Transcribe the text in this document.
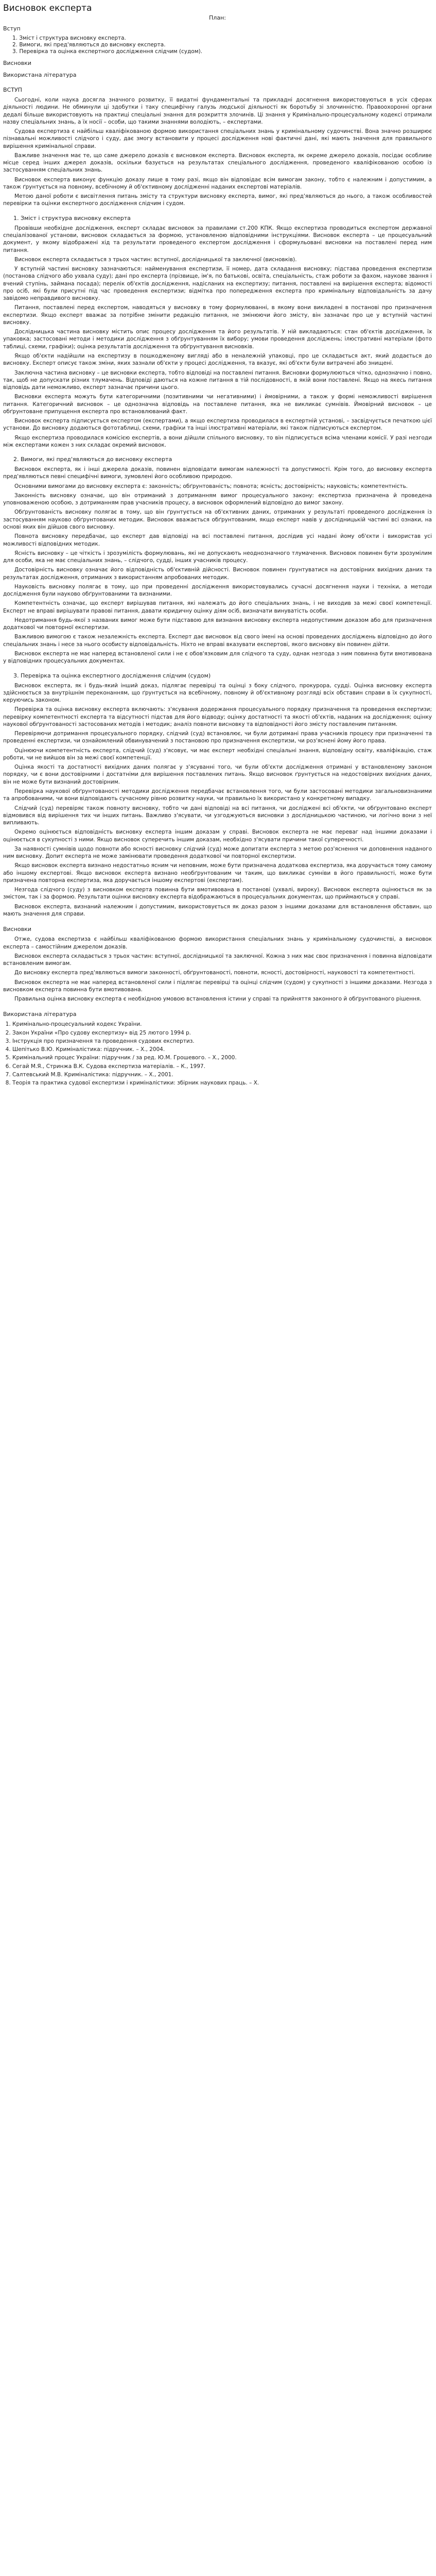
Висновок експерта
План:
Вступ
1. Зміст і структура висновку експерта.
2. Вимоги, які пред'являються до висновку експерта.
3. Перевірка та оцінка експертного дослідження слідчим (судом).
Висновки
Використана література
ВСТУП

Сьогодні, коли наука досягла значного розвитку, її видатні фундаментальні та прикладні досягнення використовуються в усіх сферах діяльності людини. Не обминули ці здобутки і таку специфічну галузь людської діяльності як боротьбу зі злочинністю. Правоохоронні органи дедалі більше використовують на практиці спеціальні знання для розкриття злочинів. Ці знання у Кримінально-процесуальному кодексі отримали назву спеціальних знань, а їх носії – особи, що такими знаннями володіють, – експертами.

Судова експертиза є найбільш кваліфікованою формою використання спеціальних знань у кримінальному судочинстві. Вона значно розширює пізнавальні можливості слідчого і суду, дає змогу встановити у процесі дослідження нові фактичні дані, які мають значення для правильного вирішення кримінальної справи.

Важливе значення має те, що саме джерело доказів є висновком експерта. Висновок експерта, як окреме джерело доказів, посідає особливе місце серед інших джерел доказів, оскільки базується на результатах спеціального дослідження, проведеного кваліфікованою особою із застосуванням спеціальних знань.

Висновок експерта виконує функцію доказу лише в тому разі, якщо він відповідає всім вимогам закону, тобто є належним і допустимим, а також ґрунтується на повному, всебічному й об'єктивному дослідженні наданих експертові матеріалів.

Метою даної роботи є висвітлення питань змісту та структури висновку експерта, вимог, які пред'являються до нього, а також особливостей перевірки та оцінки експертного дослідження слідчим і судом.

1. Зміст і структура висновку експерта

Провівши необхідне дослідження, експерт складає висновок за правилами ст.200 КПК. Якщо експертиза проводиться експертом державної спеціалізованої установи, висновок складається за формою, установленою відповідними інструкціями. Висновок експерта – це процесуальний документ, у якому відображені хід та результати проведеного експертом дослідження і сформульовані висновки на поставлені перед ним питання.

Висновок експерта складається з трьох частин: вступної, дослідницької та заключної (висновків).

У вступній частині висновку зазначаються: найменування експертизи, її номер, дата складання висновку; підстава проведення експертизи (постанова слідчого або ухвала суду); дані про експерта (прізвище, ім'я, по батькові, освіта, спеціальність, стаж роботи за фахом, наукове звання і вчений ступінь, займана посада); перелік об'єктів дослідження, надісланих на експертизу; питання, поставлені на вирішення експерта; відомості про осіб, які були присутні під час проведення експертизи; відмітка про попередження експерта про кримінальну відповідальність за дачу завідомо неправдивого висновку.

Питання, поставлені перед експертом, наводяться у висновку в тому формулюванні, в якому вони викладені в постанові про призначення експертизи. Якщо експерт вважає за потрібне змінити редакцію питання, не змінюючи його змісту, він зазначає про це у вступній частині висновку.

Дослідницька частина висновку містить опис процесу дослідження та його результатів. У ній викладаються: стан об'єктів дослідження, їх упаковка; застосовані методи і методики дослідження з обґрунтуванням їх вибору; умови проведення досліджень; ілюстративні матеріали (фото таблиці, схеми, графіки); оцінка результатів дослідження та обґрунтування висновків.

Якщо об'єкти надійшли на експертизу в пошкодженому вигляді або в неналежній упаковці, про це складається акт, який додається до висновку. Експерт описує також зміни, яких зазнали об'єкти у процесі дослідження, та вказує, які об'єкти були витрачені або знищені.

Заключна частина висновку – це висновки експерта, тобто відповіді на поставлені питання. Висновки формулюються чітко, однозначно і повно, так, щоб не допускати різних тлумачень. Відповіді даються на кожне питання в тій послідовності, в якій вони поставлені. Якщо на якесь питання відповідь дати неможливо, експерт зазначає причини цього.

Висновки експерта можуть бути категоричними (позитивними чи негативними) і ймовірними, а також у формі неможливості вирішення питання. Категоричний висновок – це однозначна відповідь на поставлене питання, яка не викликає сумнівів. Ймовірний висновок – це обґрунтоване припущення експерта про встановлюваний факт.

Висновок експерта підписується експертом (експертами), а якщо експертиза проводилася в експертній установі, – засвідчується печаткою цієї установи. До висновку додаються фототаблиці, схеми, графіки та інші ілюстративні матеріали, які також підписуються експертом.

Якщо експертиза проводилася комісією експертів, а вони дійшли спільного висновку, то він підписується всіма членами комісії. У разі незгоди між експертами кожен з них складає окремий висновок.

2. Вимоги, які пред'являються до висновку експерта

Висновок експерта, як і інші джерела доказів, повинен відповідати вимогам належності та допустимості. Крім того, до висновку експерта пред'являються певні специфічні вимоги, зумовлені його особливою природою.

Основними вимогами до висновку експерта є: законність; обґрунтованість; повнота; ясність; достовірність; науковість; компетентність.

Законність висновку означає, що він отриманий з дотриманням вимог процесуального закону: експертиза призначена й проведена уповноваженою особою, з дотриманням прав учасників процесу, а висновок оформлений відповідно до вимог закону.

Обґрунтованість висновку полягає в тому, що він ґрунтується на об'єктивних даних, отриманих у результаті проведеного дослідження із застосуванням науково обґрунтованих методик. Висновок вважається обґрунтованим, якщо експерт навів у дослідницькій частині всі ознаки, на основі яких він дійшов свого висновку.

Повнота висновку передбачає, що експерт дав відповіді на всі поставлені питання, дослідив усі надані йому об'єкти і використав усі можливості відповідних методик.

Ясність висновку – це чіткість і зрозумілість формулювань, які не допускають неоднозначного тлумачення. Висновок повинен бути зрозумілим для особи, яка не має спеціальних знань, – слідчого, судді, інших учасників процесу.

Достовірність висновку означає його відповідність об'єктивній дійсності. Висновок повинен ґрунтуватися на достовірних вихідних даних та результатах дослідження, отриманих з використанням апробованих методик.

Науковість висновку полягає в тому, що при проведенні дослідження використовувались сучасні досягнення науки і техніки, а методи дослідження були науково обґрунтованими та визнаними.

Компетентність означає, що експерт вирішував питання, які належать до його спеціальних знань, і не виходив за межі своєї компетенції. Експерт не вправі вирішувати правові питання, давати юридичну оцінку діям осіб, визначати винуватість особи.

Недотримання будь-якої з названих вимог може бути підставою для визнання висновку експерта недопустимим доказом або для призначення додаткової чи повторної експертизи.

Важливою вимогою є також незалежність експерта. Експерт дає висновок від свого імені на основі проведених досліджень відповідно до його спеціальних знань і несе за нього особисту відповідальність. Ніхто не вправі вказувати експертові, якого висновку він повинен дійти.

Висновок експерта не має наперед встановленої сили і не є обов'язковим для слідчого та суду, однак незгода з ним повинна бути вмотивована у відповідних процесуальних документах.

3. Перевірка та оцінка експертного дослідження слідчим (судом)

Висновок експерта, як і будь-який інший доказ, підлягає перевірці та оцінці з боку слідчого, прокурора, судді. Оцінка висновку експерта здійснюється за внутрішнім переконанням, що ґрунтується на всебічному, повному й об'єктивному розгляді всіх обставин справи в їх сукупності, керуючись законом.

Перевірка та оцінка висновку експерта включають: з'ясування додержання процесуального порядку призначення та проведення експертизи; перевірку компетентності експерта та відсутності підстав для його відводу; оцінку достатності та якості об'єктів, наданих на дослідження; оцінку наукової обґрунтованості застосованих методів і методик; аналіз повноти висновку та відповідності його змісту поставленим питанням.

Перевіряючи дотримання процесуального порядку, слідчий (суд) встановлює, чи були дотримані права учасників процесу при призначенні та проведенні експертизи, чи ознайомлений обвинувачений з постановою про призначення експертизи, чи роз'яснені йому його права.

Оцінюючи компетентність експерта, слідчий (суд) з'ясовує, чи має експерт необхідні спеціальні знання, відповідну освіту, кваліфікацію, стаж роботи, чи не вийшов він за межі своєї компетенції.

Оцінка якості та достатності вихідних даних полягає у з'ясуванні того, чи були об'єкти дослідження отримані у встановленому законом порядку, чи є вони достовірними і достатніми для вирішення поставлених питань. Якщо висновок ґрунтується на недостовірних вихідних даних, він не може бути визнаний достовірним.

Перевірка наукової обґрунтованості методики дослідження передбачає встановлення того, чи були застосовані методики загальновизнаними та апробованими, чи вони відповідають сучасному рівню розвитку науки, чи правильно їх використано у конкретному випадку.

Слідчий (суд) перевіряє також повноту висновку, тобто чи дані відповіді на всі питання, чи досліджені всі об'єкти, чи обґрунтовано експерт відмовився від вирішення тих чи інших питань. Важливо з'ясувати, чи узгоджуються висновки з дослідницькою частиною, чи логічно вони з неї випливають.

Окремо оцінюється відповідність висновку експерта іншим доказам у справі. Висновок експерта не має переваг над іншими доказами і оцінюється в сукупності з ними. Якщо висновок суперечить іншим доказам, необхідно з'ясувати причини такої суперечності.

За наявності сумнівів щодо повноти або ясності висновку слідчий (суд) може допитати експерта з метою роз'яснення чи доповнення наданого ним висновку. Допит експерта не може замінювати проведення додаткової чи повторної експертизи.

Якщо висновок експерта визнано недостатньо ясним чи неповним, може бути призначена додаткова експертиза, яка доручається тому самому або іншому експертові. Якщо висновок експерта визнано необґрунтованим чи таким, що викликає сумніви в його правильності, може бути призначена повторна експертиза, яка доручається іншому експертові (експертам).

Незгода слідчого (суду) з висновком експерта повинна бути вмотивована в постанові (ухвалі, вироку). Висновок експерта оцінюється як за змістом, так і за формою. Результати оцінки висновку експерта відображаються в процесуальних документах, що приймаються у справі.

Висновок експерта, визнаний належним і допустимим, використовується як доказ разом з іншими доказами для встановлення обставин, що мають значення для справи.

Висновки

Отже, судова експертиза є найбільш кваліфікованою формою використання спеціальних знань у кримінальному судочинстві, а висновок експерта – самостійним джерелом доказів.

Висновок експерта складається з трьох частин: вступної, дослідницької та заключної. Кожна з них має своє призначення і повинна відповідати встановленим вимогам.

До висновку експерта пред'являються вимоги законності, обґрунтованості, повноти, ясності, достовірності, науковості та компетентності.

Висновок експерта не має наперед встановленої сили і підлягає перевірці та оцінці слідчим (судом) у сукупності з іншими доказами. Незгода з висновком експерта повинна бути вмотивована.

Правильна оцінка висновку експерта є необхідною умовою встановлення істини у справі та прийняття законного й обґрунтованого рішення.

Використана література
1. Кримінально-процесуальний кодекс України.
2. Закон України «Про судову експертизу» від 25 лютого 1994 р.
3. Інструкція про призначення та проведення судових експертиз.
4. Шепітько В.Ю. Криміналістика: підручник. – Х., 2004.
5. Кримінальний процес України: підручник / за ред. Ю.М. Грошевого. – Х., 2000.
6. Сегай М.Я., Стринжа В.К. Судова експертиза матеріалів. – К., 1997.
7. Салтевський М.В. Криміналістика: підручник. – Х., 2001.
8. Теорія та практика судової експертизи і криміналістики: збірник наукових праць. – Х.
